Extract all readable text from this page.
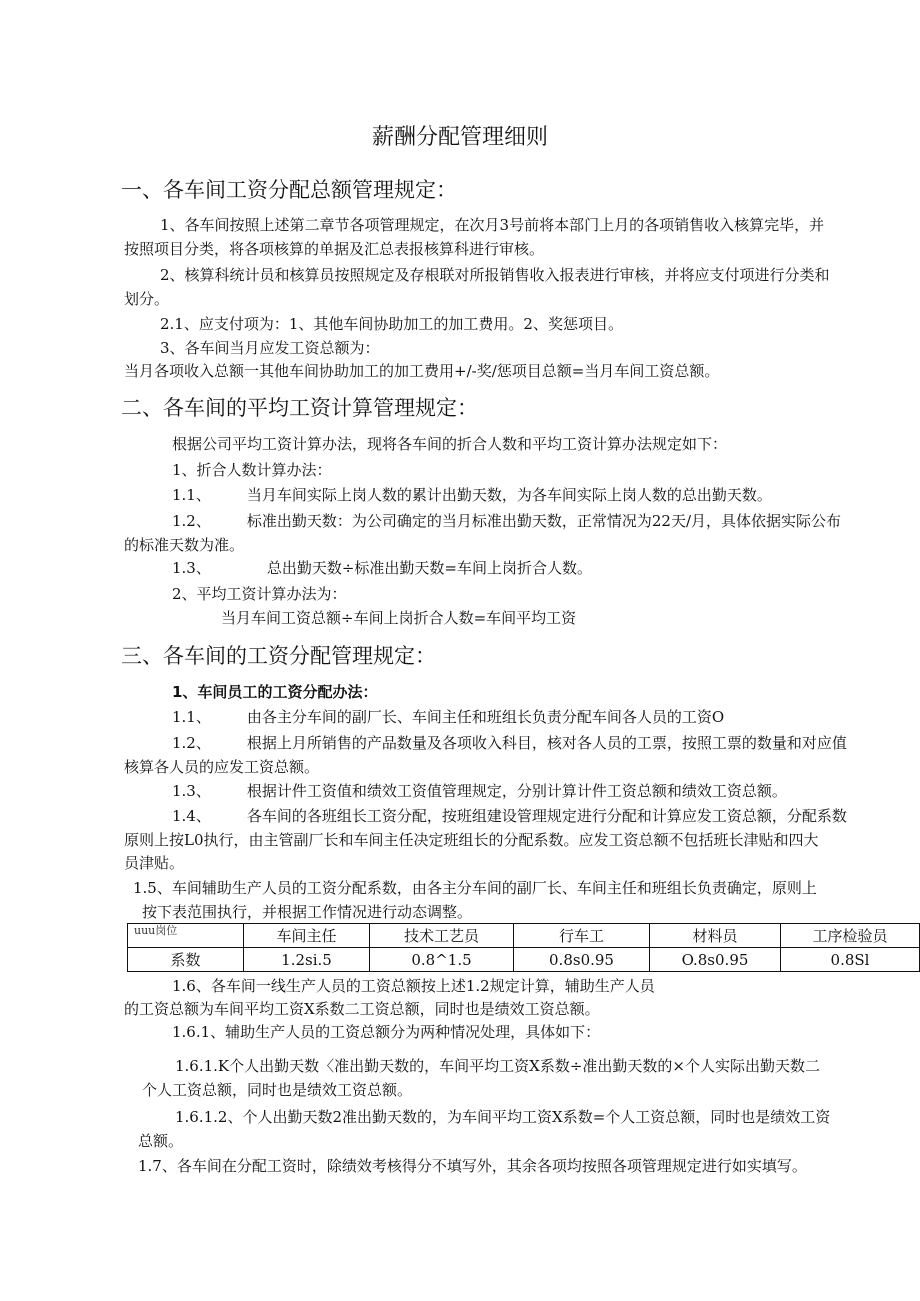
薪酬分配管理细则
一、各车间工资分配总额管理规定：
1、各车间按照上述第二章节各项管理规定，在次月3号前将本部门上月的各项销售收入核算完毕，并
按照项目分类，将各项核算的单据及汇总表报核算科进行审核。
2、核算科统计员和核算员按照规定及存根联对所报销售收入报表进行审核，并将应支付项进行分类和
划分。
2.1、应支付项为：1、其他车间协助加工的加工费用。2、奖惩项目。
3、各车间当月应发工资总额为：
当月各项收入总额一其他车间协助加工的加工费用+/-奖/惩项目总额=当月车间工资总额。
二、各车间的平均工资计算管理规定：
根据公司平均工资计算办法，现将各车间的折合人数和平均工资计算办法规定如下：
1、折合人数计算办法：
1.1、 当月车间实际上岗人数的累计出勤天数，为各车间实际上岗人数的总出勤天数。
1.2、 标准出勤天数：为公司确定的当月标准出勤天数，正常情况为22天/月，具体依据实际公布
的标准天数为准。
1.3、	总出勤天数÷标准出勤天数=车间上岗折合人数。
2、平均工资计算办法为：
当月车间工资总额÷车间上岗折合人数=车间平均工资
三、各车间的工资分配管理规定：
1、车间员工的工资分配办法：
1.1、 由各主分车间的副厂长、车间主任和班组长负责分配车间各人员的工资O
1.2、 根据上月所销售的产品数量及各项收入科目，核对各人员的工票，按照工票的数量和对应值
核算各人员的应发工资总额。
1.3、 根据计件工资值和绩效工资值管理规定，分别计算计件工资总额和绩效工资总额。
1.4、 各车间的各班组长工资分配，按班组建设管理规定进行分配和计算应发工资总额，分配系数
原则上按L0执行，由主管副厂长和车间主任决定班组长的分配系数。应发工资总额不包括班长津贴和四大
员津贴。
1.5、车间辅助生产人员的工资分配系数，由各主分车间的副厂长、车间主任和班组长负责确定，原则上
按下表范围执行，并根据工作情况进行动态调整。
uuu岗位	车间主任	技术工艺员	行车工	材料员	工序检验员
系数	1.2si.5	0.8^1.5	0.8s0.95	O.8s0.95	0.8Sl
1.6、各车间一线生产人员的工资总额按上述1.2规定计算，辅助生产人员
的工资总额为车间平均工资X系数二工资总额，同时也是绩效工资总额。
1.6.1、辅助生产人员的工资总额分为两种情况处理，具体如下：
1.6.1.K个人出勤天数〈准出勤天数的，车间平均工资X系数÷准出勤天数的×个人实际出勤天数二
个人工资总额，同时也是绩效工资总额。
1.6.1.2、个人出勤天数2准出勤天数的，为车间平均工资X系数=个人工资总额，同时也是绩效工资
总额。
1.7、各车间在分配工资时，除绩效考核得分不填写外，其余各项均按照各项管理规定进行如实填写。
